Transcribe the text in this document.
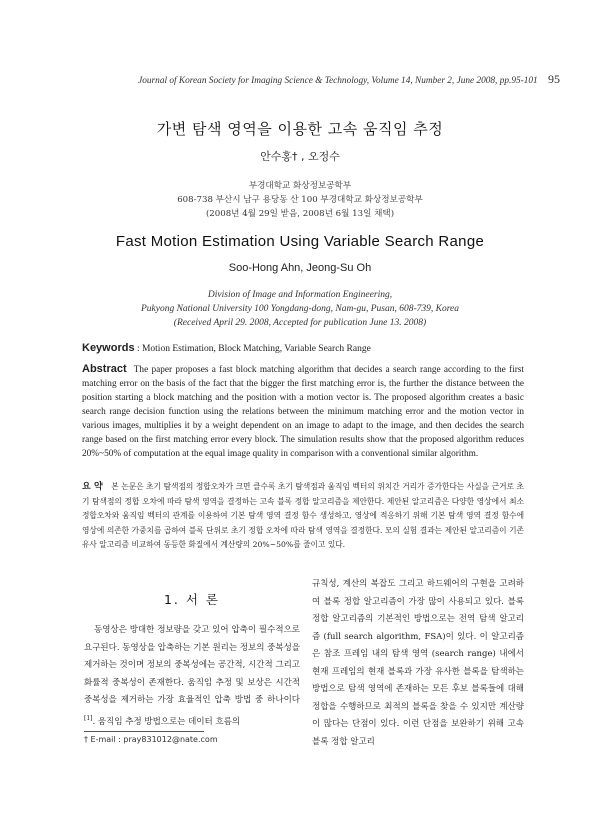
Journal of Korean Society for Imaging Science & Technology, Volume 14, Number 2, June 2008, pp.95-101 95
가변 탐색 영역을 이용한 고속 움직임 추정
안수홍† , 오정수
부경대학교 화상정보공학부
608-738 부산시 남구 용당동 산 100 부경대학교 화상정보공학부
(2008년 4월 29일 받음, 2008년 6월 13일 채택)
Fast Motion Estimation Using Variable Search Range
Soo-Hong Ahn, Jeong-Su Oh
Division of Image and Information Engineering,
Pukyong National University 100 Yongdang-dong, Nam-gu, Pusan, 608-739, Korea
(Received April 29. 2008, Accepted for publication June 13. 2008)
Keywords : Motion Estimation, Block Matching, Variable Search Range
Abstract The paper proposes a fast block matching algorithm that decides a search range according to the first matching error on the basis of the fact that the bigger the first matching error is, the further the distance between the position starting a block matching and the position with a motion vector is. The proposed algorithm creates a basic search range decision function using the relations between the minimum matching error and the motion vector in various images, multiplies it by a weight dependent on an image to adapt to the image, and then decides the search range based on the first matching error every block. The simulation results show that the proposed algorithm reduces 20%~50% of computation at the equal image quality in comparison with a conventional similar algorithm.
요 약 본 논문은 초기 탐색점의 정합오차가 크면 클수록 초기 탐색점과 움직임 벡터의 위치간 거리가 증가한다는 사실을 근거로 초기 탐색점의 정합 오차에 따라 탐색 영역을 결정하는 고속 블록 정합 알고리즘을 제안한다. 제안된 알고리즘은 다양한 영상에서 최소 정합오차와 움직임 벡터의 관계를 이용하여 기본 탐색 영역 결정 함수 생성하고, 영상에 적응하기 위해 기본 탐색 영역 결정 함수에 영상에 의존한 가중치를 곱하여 블록 단위로 초기 정합 오차에 따라 탐색 영역을 결정한다. 모의 실험 결과는 제안된 알고리즘이 기존 유사 알고리즘 비교하여 동등한 화질에서 계산량의 20%~50%를 줄이고 있다.
1. 서 론

동영상은 방대한 정보량을 갖고 있어 압축이 필수적으로 요구된다. 동영상을 압축하는 기본 원리는 정보의 중복성을 제거하는 것이며 정보의 중복성에는 공간적, 시간적 그리고 화률적 중복성이 존재한다. 움직임 추정 및 보상은 시간적 중복성을 제거하는 가장 효율적인 압축 방법 중 하나이다[1]. 움직임 추정 방법으로는 데이터 흐름의

규칙성, 계산의 복잡도 그리고 하드웨어의 구현을 고려하여 블록 정합 알고리즘이 가장 많이 사용되고 있다. 블록 정합 알고리즘의 기본적인 방법으로는 전역 탐색 알고리즘 (full search algorithm, FSA)이 있다. 이 알고리즘은 참조 프레임 내의 탐색 영역 (search range) 내에서 현재 프레임의 현재 블록과 가장 유사한 블록을 탐색하는 방법으로 탐색 영역에 존재하는 모든 후보 블록들에 대해 정합을 수행하므로 최적의 블록을 찾을 수 있지만 계산량이 많다는 단점이 있다. 이런 단점을 보완하기 위해 고속 블록 정합 알고리

† E-mail : pray831012@nate.com
